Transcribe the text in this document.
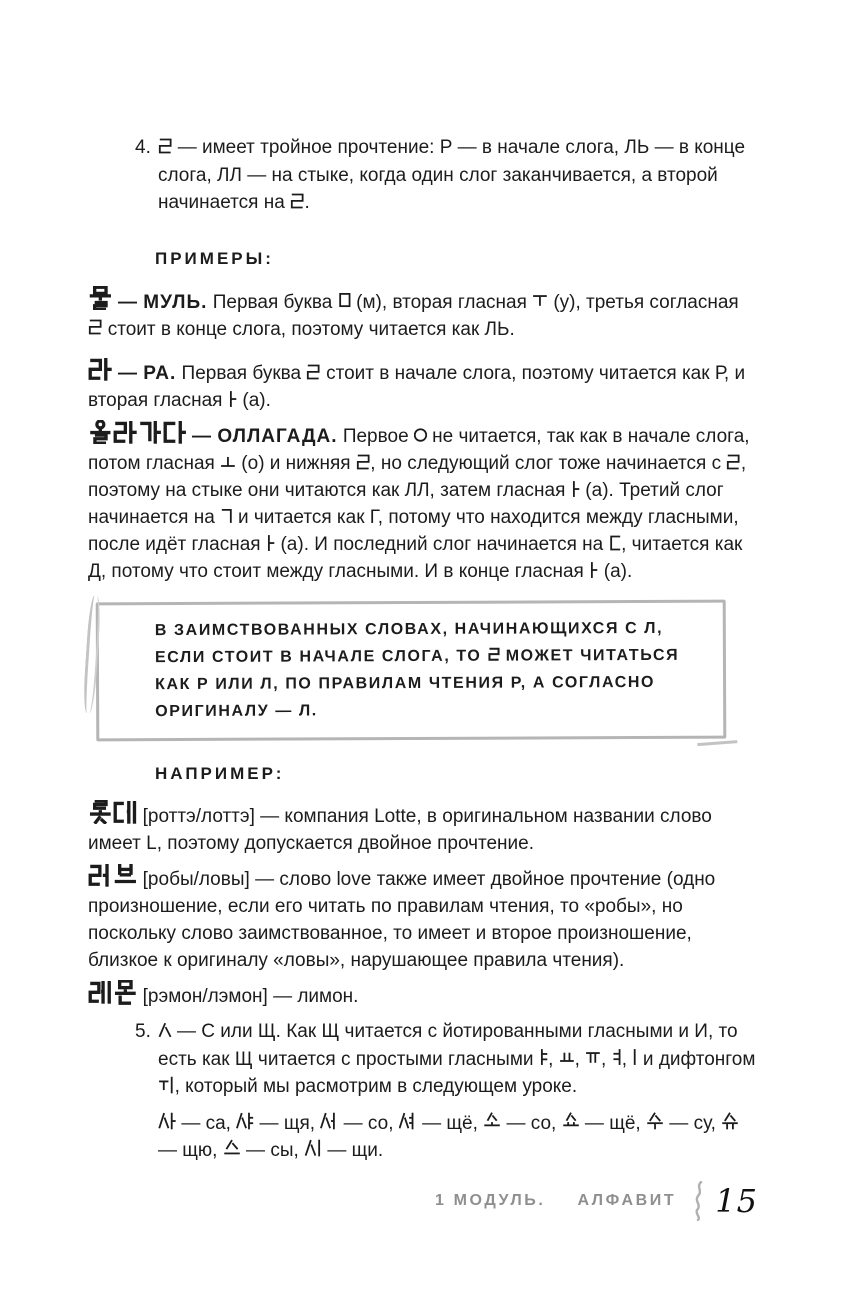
4.	— имеет тройное прочтение: Р — в начале слога, ЛЬ — в конце слога, ЛЛ — на стыке, когда один слог заканчивается, а второй начинается на .
ПРИМЕРЫ:

— МУЛЬ. Первая буква  (м), вторая гласная  (у), третья согласная  стоит в конце слога, поэтому читается как ЛЬ.

— РА. Первая буква  стоит в начале слога, поэтому читается как Р, и вторая гласная  (а).

— ОЛЛАГАДА. Первое  не читается, так как в начале слога, потом гласная  (о) и нижняя , но следующий слог тоже начинается с , поэтому на стыке они читаются как ЛЛ, затем гласная  (а). Третий слог начинается на  и читается как Г, потому что находится между гласными, после идёт гласная  (а). И последний слог начинается на , читается как Д, потому что стоит между гласными. И в конце гласная  (а).

В ЗАИМСТВОВАННЫХ СЛОВАХ, НАЧИНАЮЩИХСЯ С Л, ЕСЛИ СТОИТ В НАЧАЛЕ СЛОГА, ТО  МОЖЕТ ЧИТАТЬСЯ КАК Р ИЛИ Л, ПО ПРАВИЛАМ ЧТЕНИЯ Р, А СОГЛАСНО ОРИГИНАЛУ — Л.

НАПРИМЕР:

[роттэ/лоттэ] — компания Lotte, в оригинальном названии слово имеет L, поэтому допускается двойное прочтение.

[робы/ловы] — слово love также имеет двойное прочтение (одно произношение, если его читать по правилам чтения, то «робы», но поскольку слово заимствованное, то имеет и второе произношение, близкое к оригиналу «ловы», нарушающее правила чтения).

[рэмон/лэмон] — лимон.

5.	— С или Щ. Как Щ читается с йотированными гласными и И, то есть как Щ читается с простыми гласными , , , ,  и дифтонгом , который мы расмотрим в следующем уроке.
— са,  — щя,  — со,  — щё,  — со,  — щё,  — су,  — щю,  — сы,  — щи.
1 МОДУЛЬ. АЛФАВИТ 15
